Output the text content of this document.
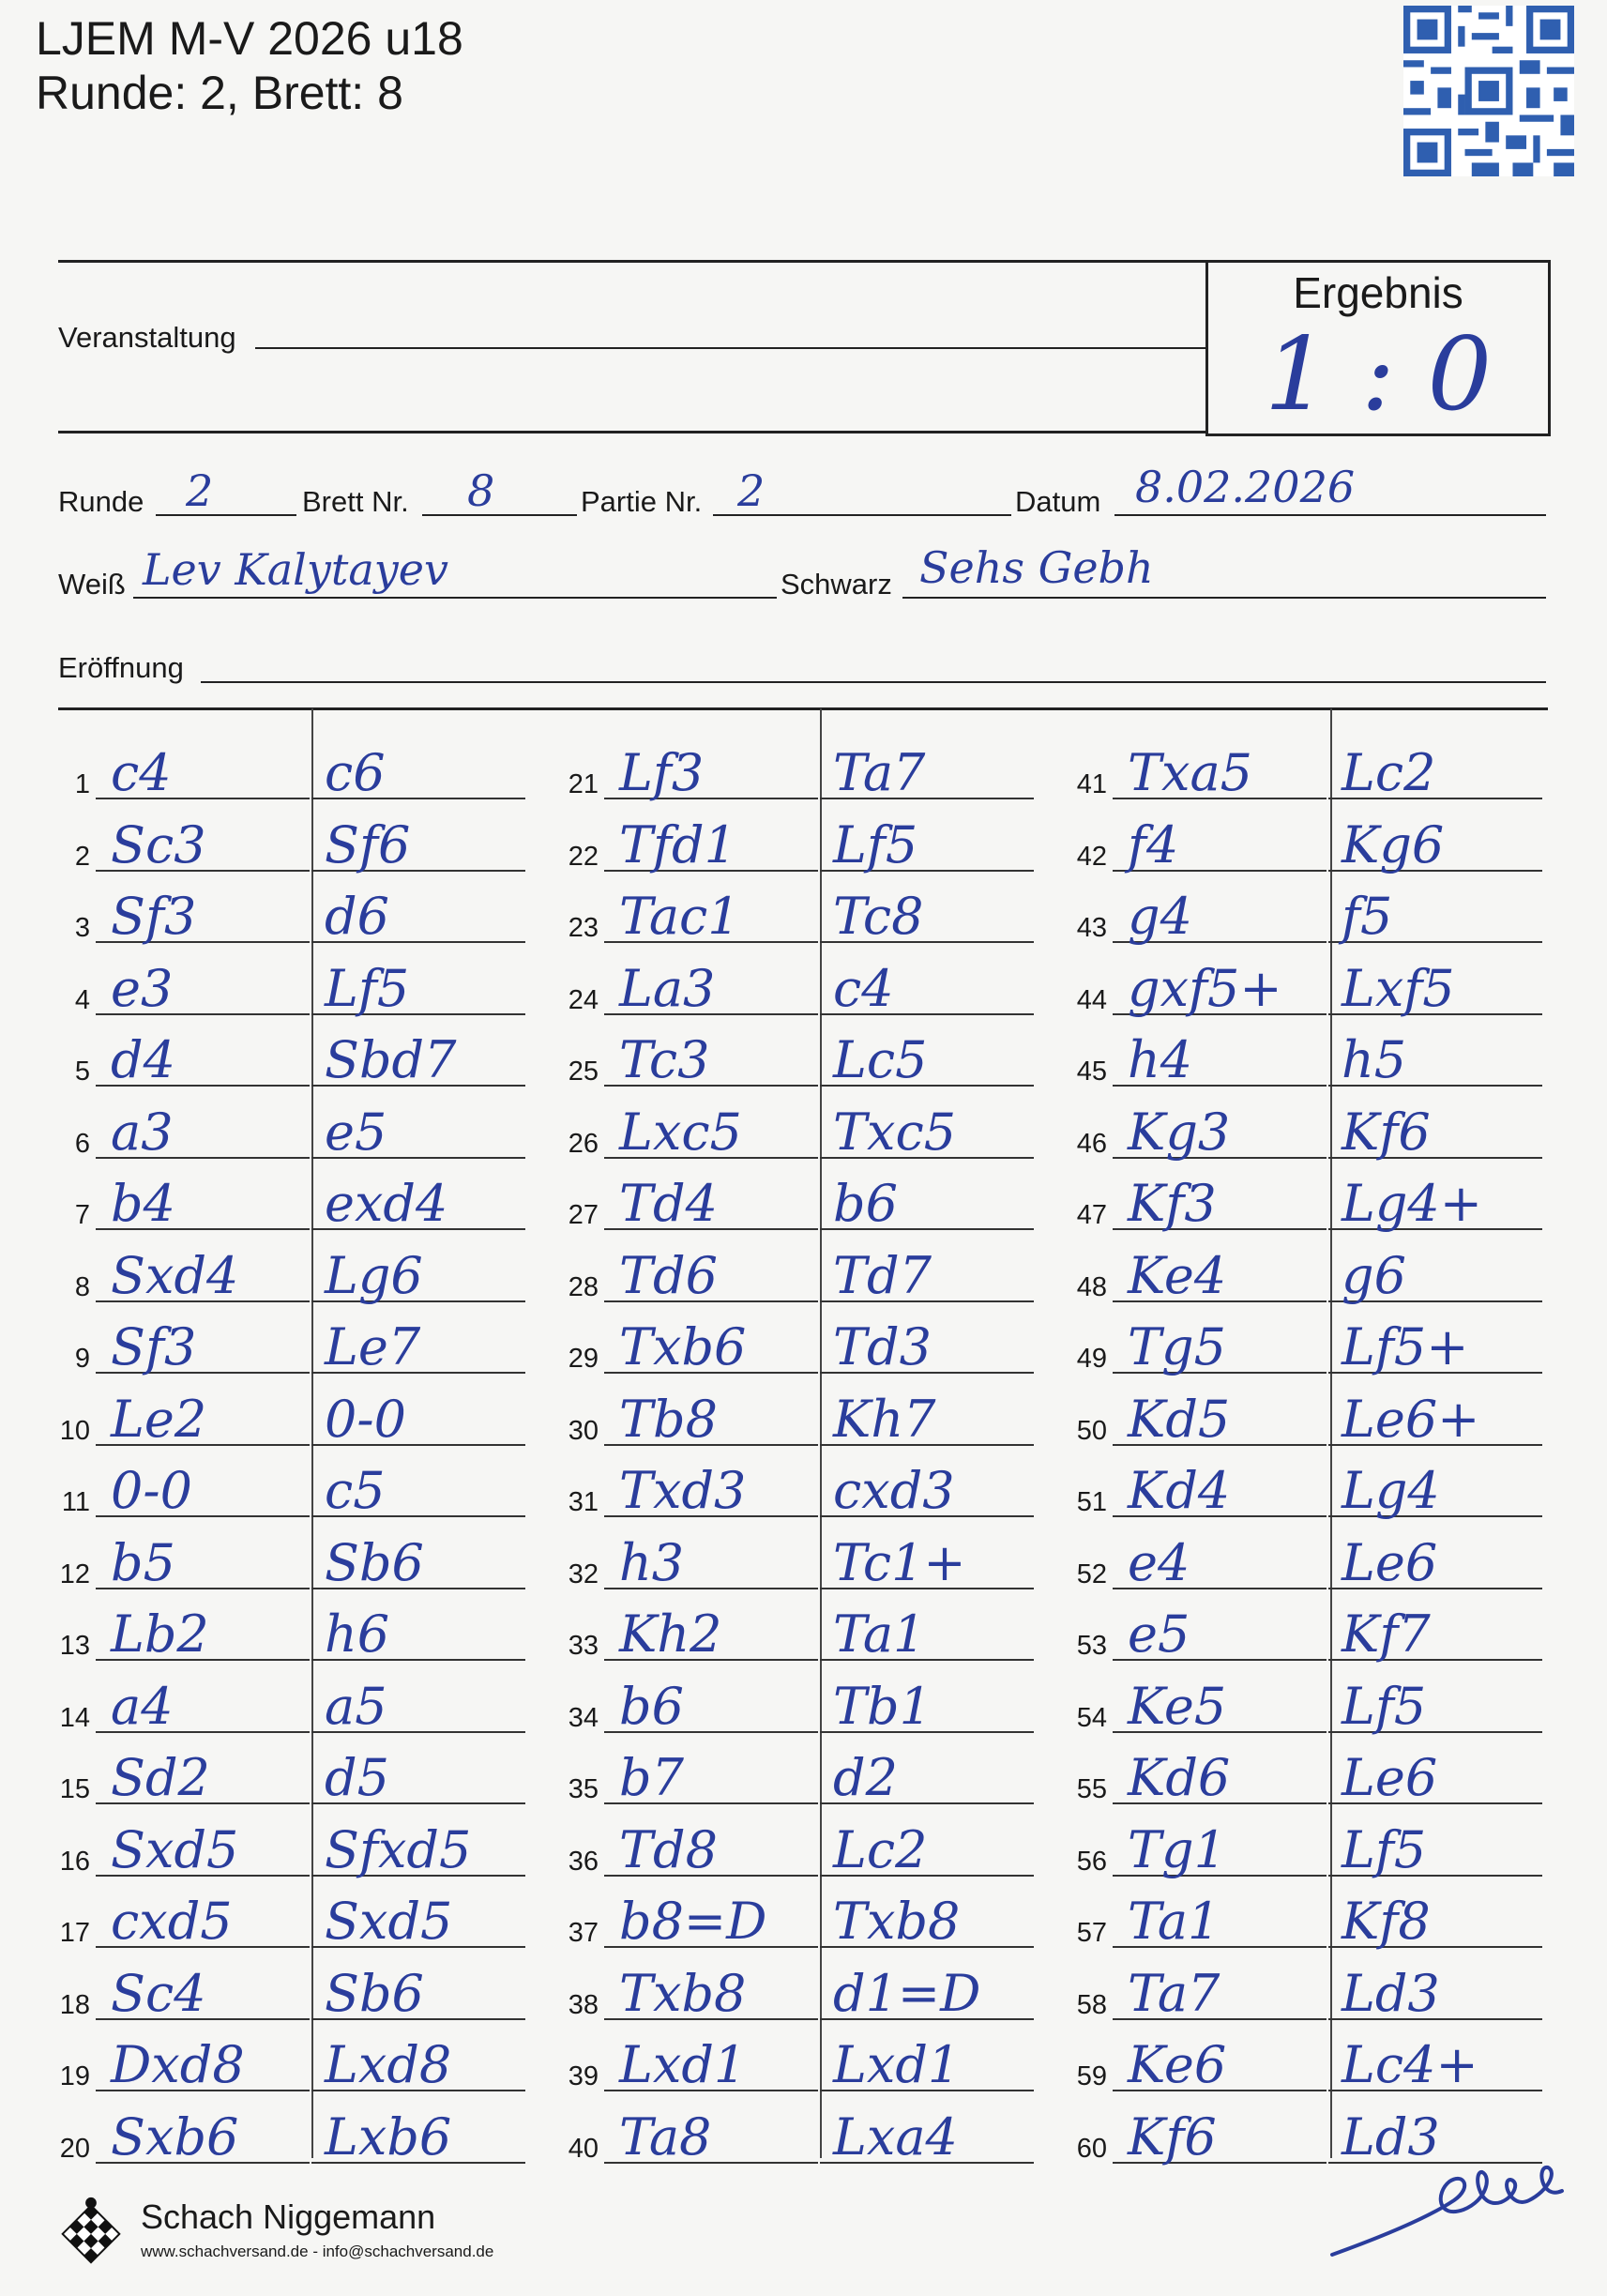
LJEM M-V 2026 u18
Runde: 2, Brett: 8
Veranstaltung
Ergebnis
1 : 0
Runde 2	Brett Nr. 8	Partie Nr. 2	Datum 8.02.2026
Weiß Lev Kalytayev	Schwarz Sehs Gebh
Eröffnung
1 c4	c6
2 Sc3 Sf6
3 Sf3	d6
4 e3	Lf5
5 d4	Sbd7
6 a3	e5
7 b4	exd4
8 Sxd4 Lg6
9 Sf3	Le7
10 Le2 0-0
11 0-0	c5
12 b5	Sb6
13 Lb2 h6
14 a4	a5
15 Sd2 d5
16 Sxd5 Sfxd5
17 cxd5 Sxd5
18 Sc4 Sb6
19 Dxd8 Lxd8
20 Sxb6 Lxb6
21 Lf3	Ta7
22 Tfd1 Lf5
23 Tac1 Tc8
24 La3 c4
25 Tc3 Lc5
26 Lxc5 Txc5
27 Td4 b6
28 Td6 Td7
29 Txb6 Td3
30 Tb8 Kh7
31 Txd3 cxd3
32 h3	Tc1+
33 Kh2 Ta1
34 b6	Tb1
35 b7	d2
36 Td8 Lc2
37 b8=D Txb8
38 Txb8 d1=D
39 Lxd1 Lxd1
40 Ta8 Lxa4
41 Txa5 Lc2
42 f4	Kg6
43 g4	f5
44 gxf5+ Lxf5
45 h4	h5
46 Kg3 Kf6
47 Kf3 Lg4+
48 Ke4 g6
49 Tg5 Lf5+
50 Kd5 Le6+
51 Kd4 Lg4
52 e4	Le6
53 e5	Kf7
54 Ke5 Lf5
55 Kd6 Le6
56 Tg1 Lf5
57 Ta1 Kf8
58 Ta7 Ld3
59 Ke6 Lc4+
60 Kf6 Ld3
Schach Niggemann
www.schachversand.de - info@schachversand.de
